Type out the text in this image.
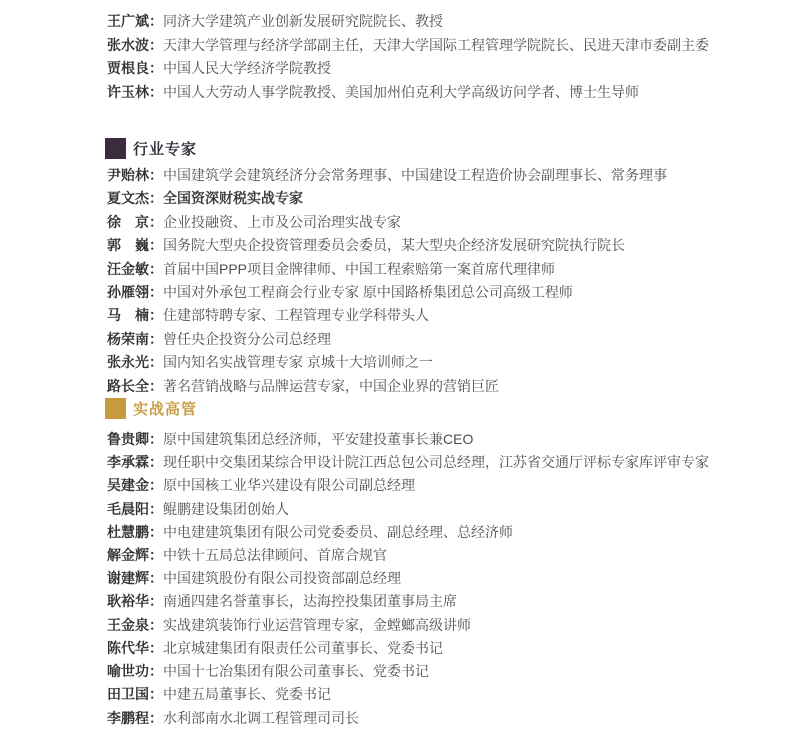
王广斌：同济大学建筑产业创新发展研究院院长、教授
张水波：天津大学管理与经济学部副主任，天津大学国际工程管理学院院长、民进天津市委副主委
贾根良：中国人民大学经济学院教授
许玉林：中国人大劳动人事学院教授、美国加州伯克利大学高级访问学者、博士生导师
行业专家
尹贻林：中国建筑学会建筑经济分会常务理事、中国建设工程造价协会副理事长、常务理事
夏文杰：全国资深财税实战专家
徐　京：企业投融资、上市及公司治理实战专家
郭　巍：国务院大型央企投资管理委员会委员，某大型央企经济发展研究院执行院长
汪金敏：首届中国PPP项目金牌律师、中国工程索赔第一案首席代理律师
孙雁翎：中国对外承包工程商会行业专家 原中国路桥集团总公司高级工程师
马　楠：住建部特聘专家、工程管理专业学科带头人
杨荣南：曾任央企投资分公司总经理
张永光：国内知名实战管理专家 京城十大培训师之一
路长全：著名营销战略与品牌运营专家，中国企业界的营销巨匠
实战高管
鲁贵卿：原中国建筑集团总经济师，平安建投董事长兼CEO
李承霖：现任职中交集团某综合甲设计院江西总包公司总经理，江苏省交通厅评标专家库评审专家
吴建金：原中国核工业华兴建设有限公司副总经理
毛晨阳：鲲鹏建设集团创始人
杜慧鹏：中电建建筑集团有限公司党委委员、副总经理、总经济师
解金辉：中铁十五局总法律顾问、首席合规官
谢建辉：中国建筑股份有限公司投资部副总经理
耿裕华：南通四建名誉董事长，达海控投集团董事局主席
王金泉：实战建筑装饰行业运营管理专家，金螳螂高级讲师
陈代华：北京城建集团有限责任公司董事长、党委书记
喻世功：中国十七冶集团有限公司董事长、党委书记
田卫国：中建五局董事长、党委书记
李鹏程：水利部南水北调工程管理司司长
